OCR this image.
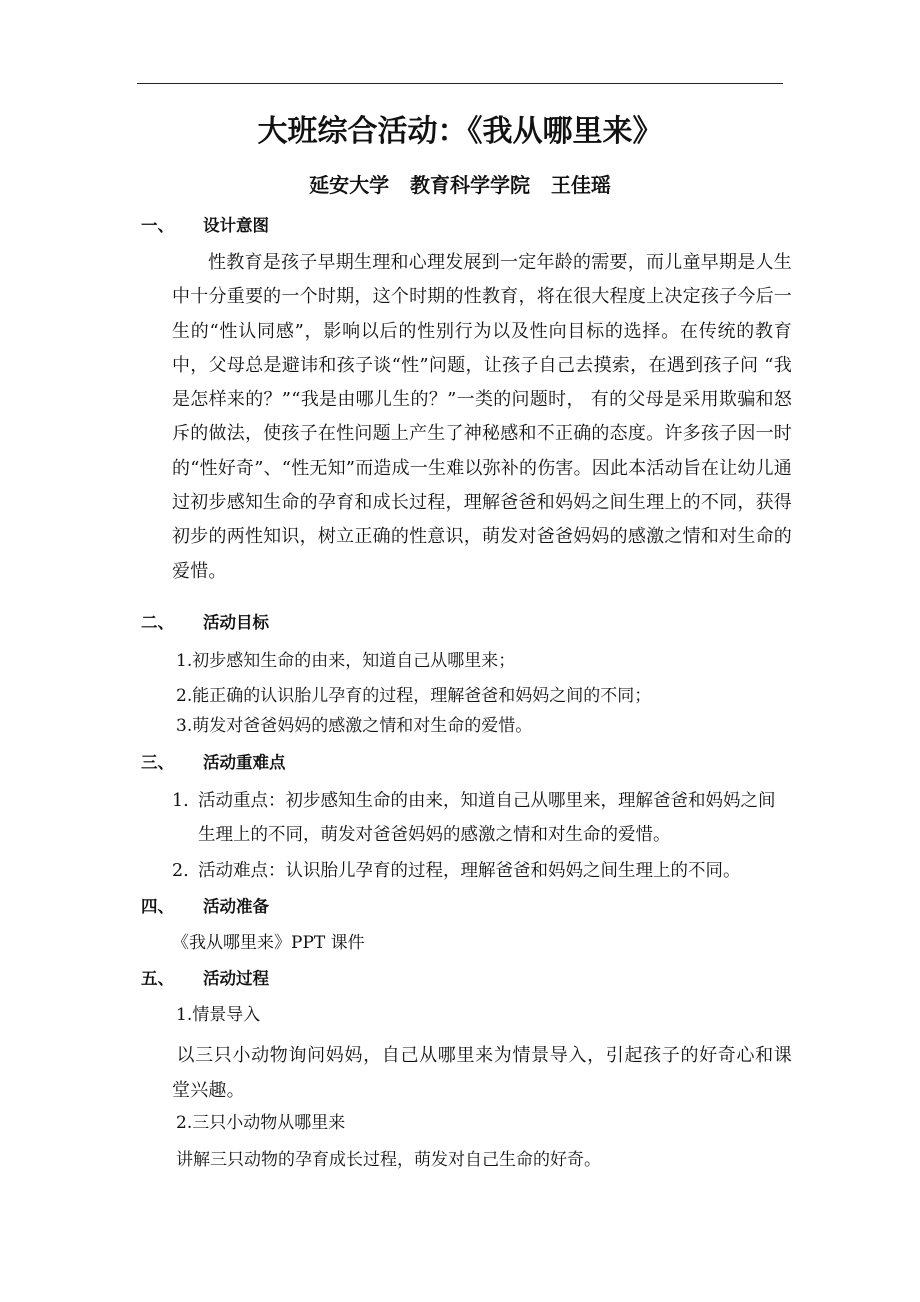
大班综合活动：《我从哪里来》
延安大学   教育科学学院   王佳瑶
一、 设计意图
性教育是孩子早期生理和心理发展到一定年龄的需要，而儿童早期是人生中十分重要的一个时期，这个时期的性教育，将在很大程度上决定孩子今后一生的“性认同感”，影响以后的性别行为以及性向目标的选择。在传统的教育中，父母总是避讳和孩子谈“性”问题，让孩子自己去摸索，在遇到孩子问 “我是怎样来的？”“我是由哪儿生的？”一类的问题时， 有的父母是采用欺骗和怒斥的做法，使孩子在性问题上产生了神秘感和不正确的态度。许多孩子因一时的“性好奇”、“性无知”而造成一生难以弥补的伤害。因此本活动旨在让幼儿通过初步感知生命的孕育和成长过程，理解爸爸和妈妈之间生理上的不同，获得初步的两性知识，树立正确的性意识，萌发对爸爸妈妈的感激之情和对生命的爱惜。
二、 活动目标
1.初步感知生命的由来，知道自己从哪里来；
2.能正确的认识胎儿孕育的过程，理解爸爸和妈妈之间的不同；
3.萌发对爸爸妈妈的感激之情和对生命的爱惜。
三、 活动重难点
1. 活动重点：初步感知生命的由来，知道自己从哪里来，理解爸爸和妈妈之间生理上的不同，萌发对爸爸妈妈的感激之情和对生命的爱惜。
2. 活动难点：认识胎儿孕育的过程，理解爸爸和妈妈之间生理上的不同。
四、 活动准备
《我从哪里来》PPT 课件
五、 活动过程
1.情景导入
以三只小动物询问妈妈，自己从哪里来为情景导入，引起孩子的好奇心和课堂兴趣。
2.三只小动物从哪里来
讲解三只动物的孕育成长过程，萌发对自己生命的好奇。
